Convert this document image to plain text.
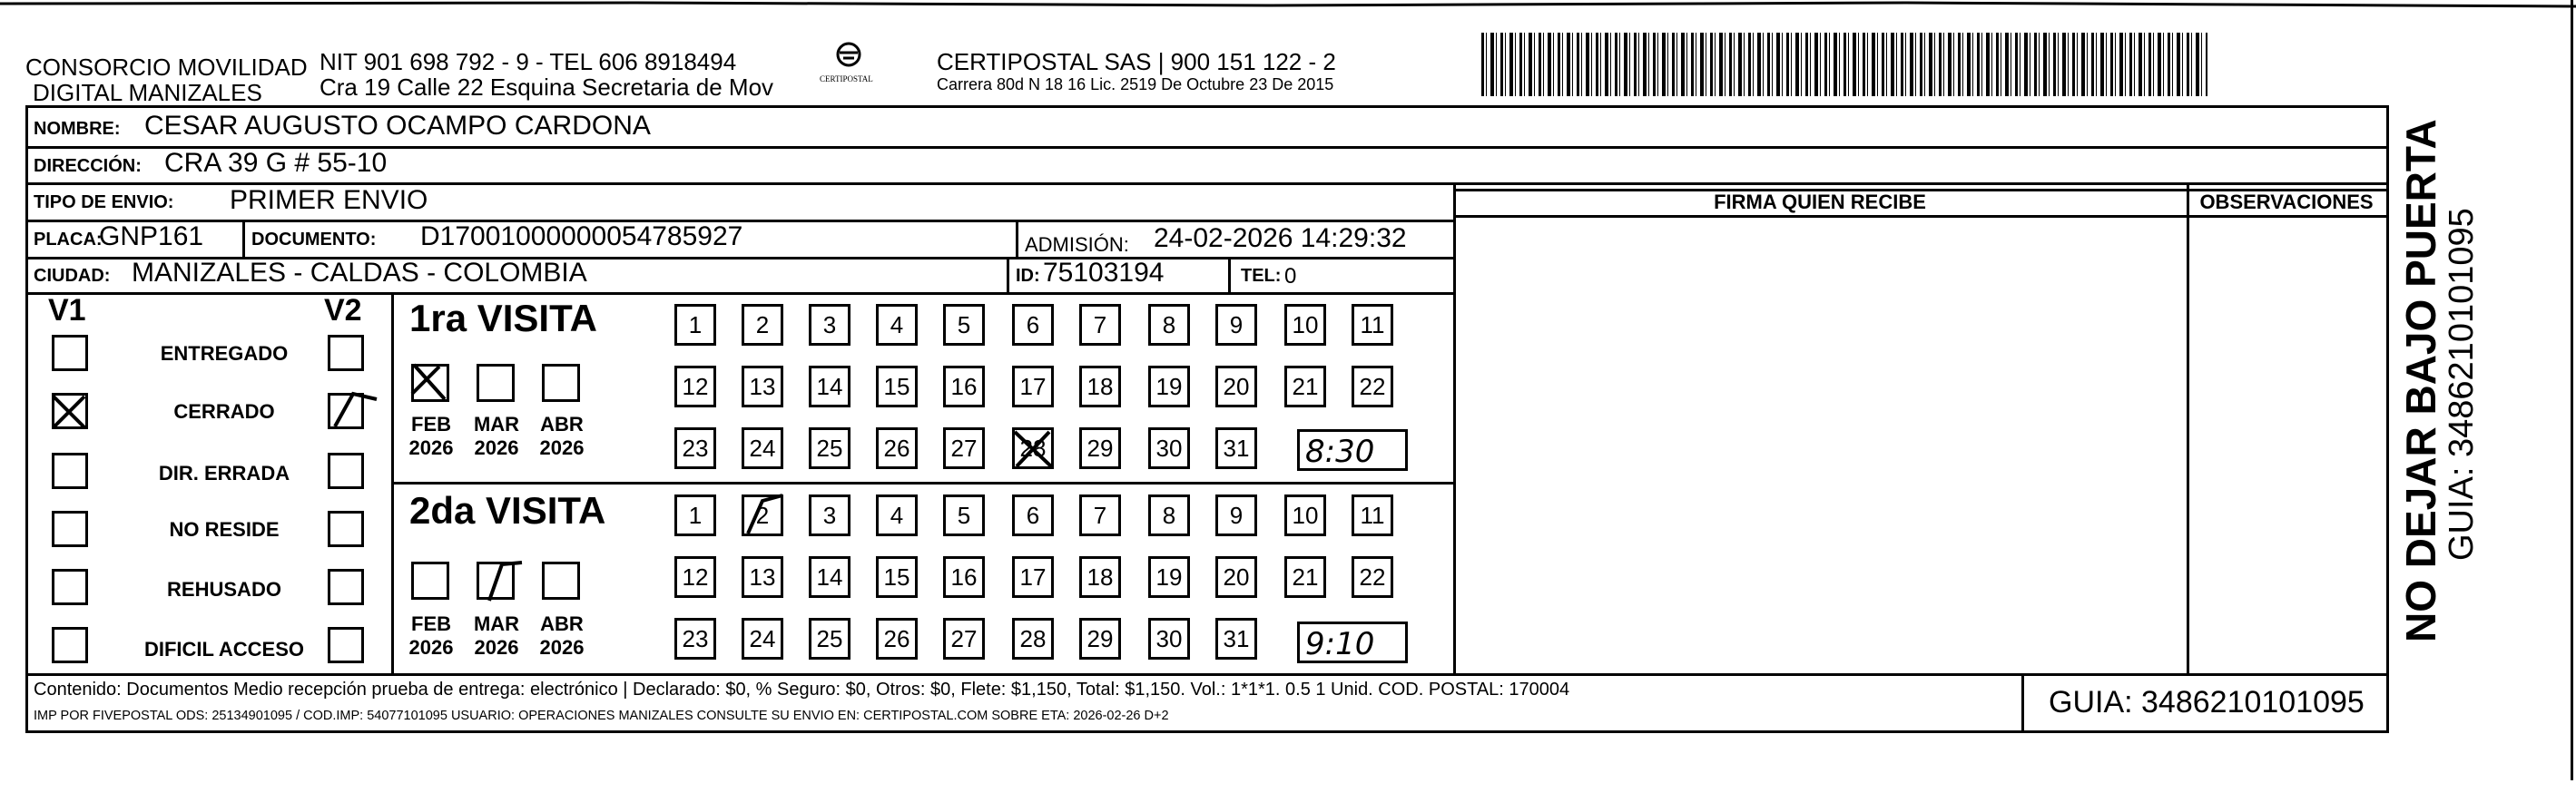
CONSORCIO MOVILIDAD
DIGITAL MANIZALES
NIT 901 698 792 - 9 - TEL 606 8918494
Cra 19 Calle 22 Esquina Secretaria de Mov	CERTIPOSTAL
CERTIPOSTAL SAS | 900 151 122 - 2
Carrera 80d N 18 16 Lic. 2519 De Octubre 23 De 2015
NOMBRE: CESAR AUGUSTO OCAMPO CARDONA
DIRECCIÓN: CRA 39 G # 55-10
TIPO DE ENVIO: PRIMER ENVIO	FIRMA QUIEN RECIBE	OBSERVACIONES
PLACA:
GNP161	DOCUMENTO: D17001000000054785927	ADMISIÓN: 24-02-2026 14:29:32
CIUDAD: MANIZALES - CALDAS - COLOMBIA	ID: 75103194	TEL: 0
V1	V2
ENTREGADO
CERRADO
DIR. ERRADA
NO RESIDE
REHUSADO
DIFICIL ACCESO
1ra VISITA
FEB
2026
MAR
2026
ABR
2026
1	2	3	4	5	6	7	8	9	10	11
12	13	14	15	16	17	18	19	20	21	22
23	24	25	26	27	28	29	30	31 8:30
2da VISITA
FEB
2026
MAR
2026
ABR
2026
1	2	3	4	5	6	7	8	9	10	11
12	13	14	15	16	17	18	19	20	21	22
23	24	25	26	27	28	29	30	31 9:10
Contenido: Documentos Medio recepción prueba de entrega: electrónico | Declarado: $0, % Seguro: $0, Otros: $0, Flete: $1,150, Total: $1,150. Vol.: 1*1*1. 0.5 1 Unid. COD. POSTAL: 170004
IMP POR FIVEPOSTAL ODS: 25134901095 / COD.IMP: 54077101095 USUARIO: OPERACIONES MANIZALES CONSULTE SU ENVIO EN: CERTIPOSTAL.COM SOBRE ETA: 2026-02-26 D+2	GUIA: 3486210101095
NO DEJAR BAJO PUERTA
GUIA: 3486210101095
